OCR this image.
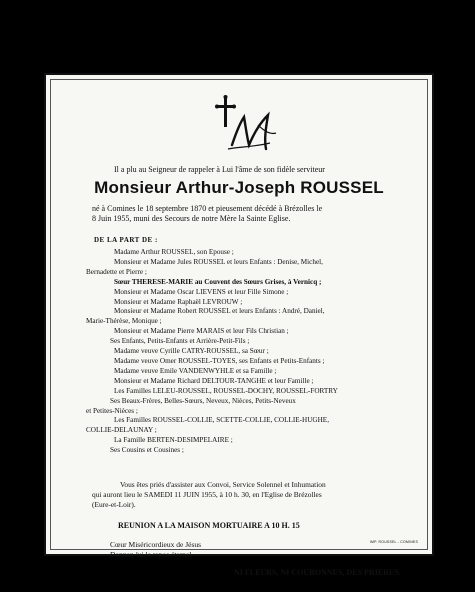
Il a plu au Seigneur de rappeler à Lui l'âme de son fidèle serviteur
Monsieur Arthur-Joseph ROUSSEL
né à Comines le 18 septembre 1870 et pieusement décédé à Brézolles le
8 Juin 1955, muni des Secours de notre Mère la Sainte Eglise.
DE LA PART DE :
Madame Arthur ROUSSEL, son Epouse ;
Monsieur et Madame Jules ROUSSEL et leurs Enfants : Denise, Michel,
Bernadette et Pierre ;
Sœur THERESE-MARIE au Couvent des Sœurs Grises, à Vernicq ;
Monsieur et Madame Oscar LIEVENS et leur Fille Simone ;
Monsieur et Madame Raphaël LEVROUW ;
Monsieur et Madame Robert ROUSSEL et leurs Enfants : André, Daniel,
Marie-Thérèse, Monique ;
Monsieur et Madame Pierre MARAIS et leur Fils Christian ;
Ses Enfants, Petits-Enfants et Arrière-Petit-Fils ;
Madame veuve Cyrille CATRY-ROUSSEL, sa Sœur ;
Madame veuve Omer ROUSSEL-TOYES, ses Enfants et Petits-Enfants ;
Madame veuve Emile VANDENWYHLE et sa Famille ;
Monsieur et Madame Richard DELTOUR-TANGHE et leur Famille ;
Les Familles LELEU-ROUSSEL, ROUSSEL-DOCHY, ROUSSEL-FORTRY
Ses Beaux-Frères, Belles-Sœurs, Neveux, Nièces, Petits-Neveux
et Petites-Nièces ;
Les Familles ROUSSEL-COLLIE, SCETTE-COLLIE, COLLIE-HUGHE,
COLLIE-DELAUNAY ;
La Famille BERTEN-DESIMPELAIRE ;
Ses Cousins et Cousines ;
Vous êtes priés d'assister aux Convoi, Service Solennel et Inhumation
qui auront lieu le SAMEDI 11 JUIN 1955, à 10 h. 30, en l'Eglise de Brézolles
(Eure-et-Loir).
REUNION A LA MAISON MORTUAIRE A 10 H. 15
Cœur Miséricordieux de Jésus
Donnez-lui le repos éternel.
NI FLEURS, NI COURONNES, DES PRIERES.
IMP. ROUSSEL - COMINES
